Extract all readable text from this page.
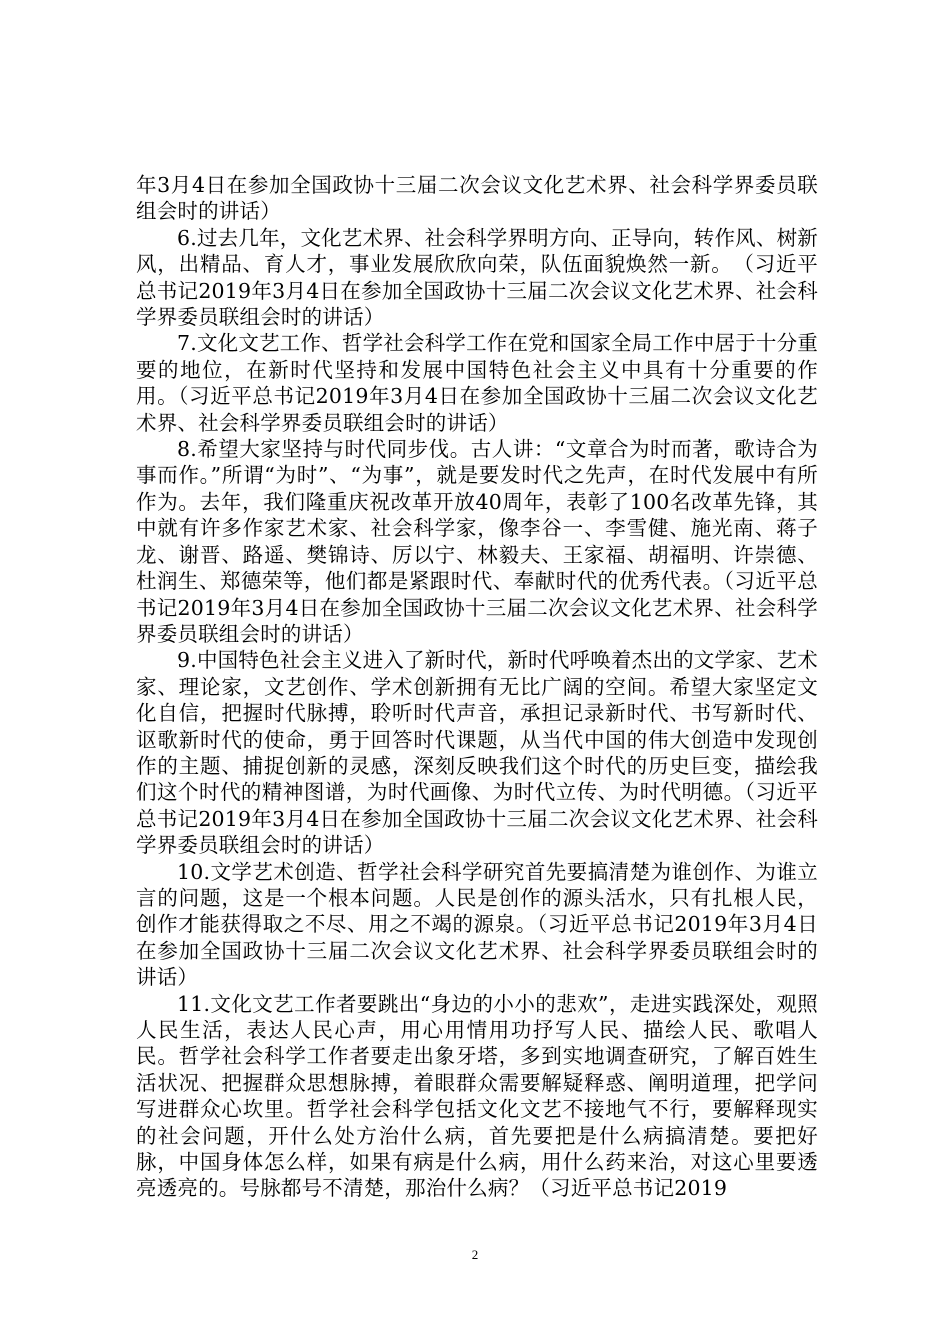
年3月4日在参加全国政协十三届二次会议文化艺术界、社会科学界委员联组会时的讲话）

6.过去几年，文化艺术界、社会科学界明方向、正导向，转作风、树新风，出精品、育人才，事业发展欣欣向荣，队伍面貌焕然一新。　（习近平总书记2019年3月4日在参加全国政协十三届二次会议文化艺术界、社会科学界委员联组会时的讲话）

7.文化文艺工作、哲学社会科学工作在党和国家全局工作中居于十分重要的地位，在新时代坚持和发展中国特色社会主义中具有十分重要的作用。（习近平总书记2019年3月4日在参加全国政协十三届二次会议文化艺术界、社会科学界委员联组会时的讲话）

8.希望大家坚持与时代同步伐。古人讲：“文章合为时而著，歌诗合为事而作。”所谓“为时”、“为事”，就是要发时代之先声，在时代发展中有所作为。去年，我们隆重庆祝改革开放40周年，表彰了100名改革先锋，其中就有许多作家艺术家、社会科学家，像李谷一、李雪健、施光南、蒋子龙、谢晋、路遥、樊锦诗、厉以宁、林毅夫、王家福、胡福明、许崇德、杜润生、郑德荣等，他们都是紧跟时代、奉献时代的优秀代表。（习近平总书记2019年3月4日在参加全国政协十三届二次会议文化艺术界、社会科学界委员联组会时的讲话）

9.中国特色社会主义进入了新时代，新时代呼唤着杰出的文学家、艺术家、理论家，文艺创作、学术创新拥有无比广阔的空间。希望大家坚定文化自信，把握时代脉搏，聆听时代声音，承担记录新时代、书写新时代、讴歌新时代的使命，勇于回答时代课题，从当代中国的伟大创造中发现创作的主题、捕捉创新的灵感，深刻反映我们这个时代的历史巨变，描绘我们这个时代的精神图谱，为时代画像、为时代立传、为时代明德。（习近平总书记2019年3月4日在参加全国政协十三届二次会议文化艺术界、社会科学界委员联组会时的讲话）

10.文学艺术创造、哲学社会科学研究首先要搞清楚为谁创作、为谁立言的问题，这是一个根本问题。人民是创作的源头活水，只有扎根人民，创作才能获得取之不尽、用之不竭的源泉。（习近平总书记2019年3月4日在参加全国政协十三届二次会议文化艺术界、社会科学界委员联组会时的讲话）

11.文化文艺工作者要跳出“身边的小小的悲欢”，走进实践深处，观照人民生活，表达人民心声，用心用情用功抒写人民、描绘人民、歌唱人民。哲学社会科学工作者要走出象牙塔，多到实地调查研究，了解百姓生活状况、把握群众思想脉搏，着眼群众需要解疑释惑、阐明道理，把学问写进群众心坎里。哲学社会科学包括文化文艺不接地气不行，要解释现实的社会问题，开什么处方治什么病，首先要把是什么病搞清楚。要把好脉，中国身体怎么样，如果有病是什么病，用什么药来治，对这心里要透亮透亮的。号脉都号不清楚，那治什么病？（习近平总书记2019

2
